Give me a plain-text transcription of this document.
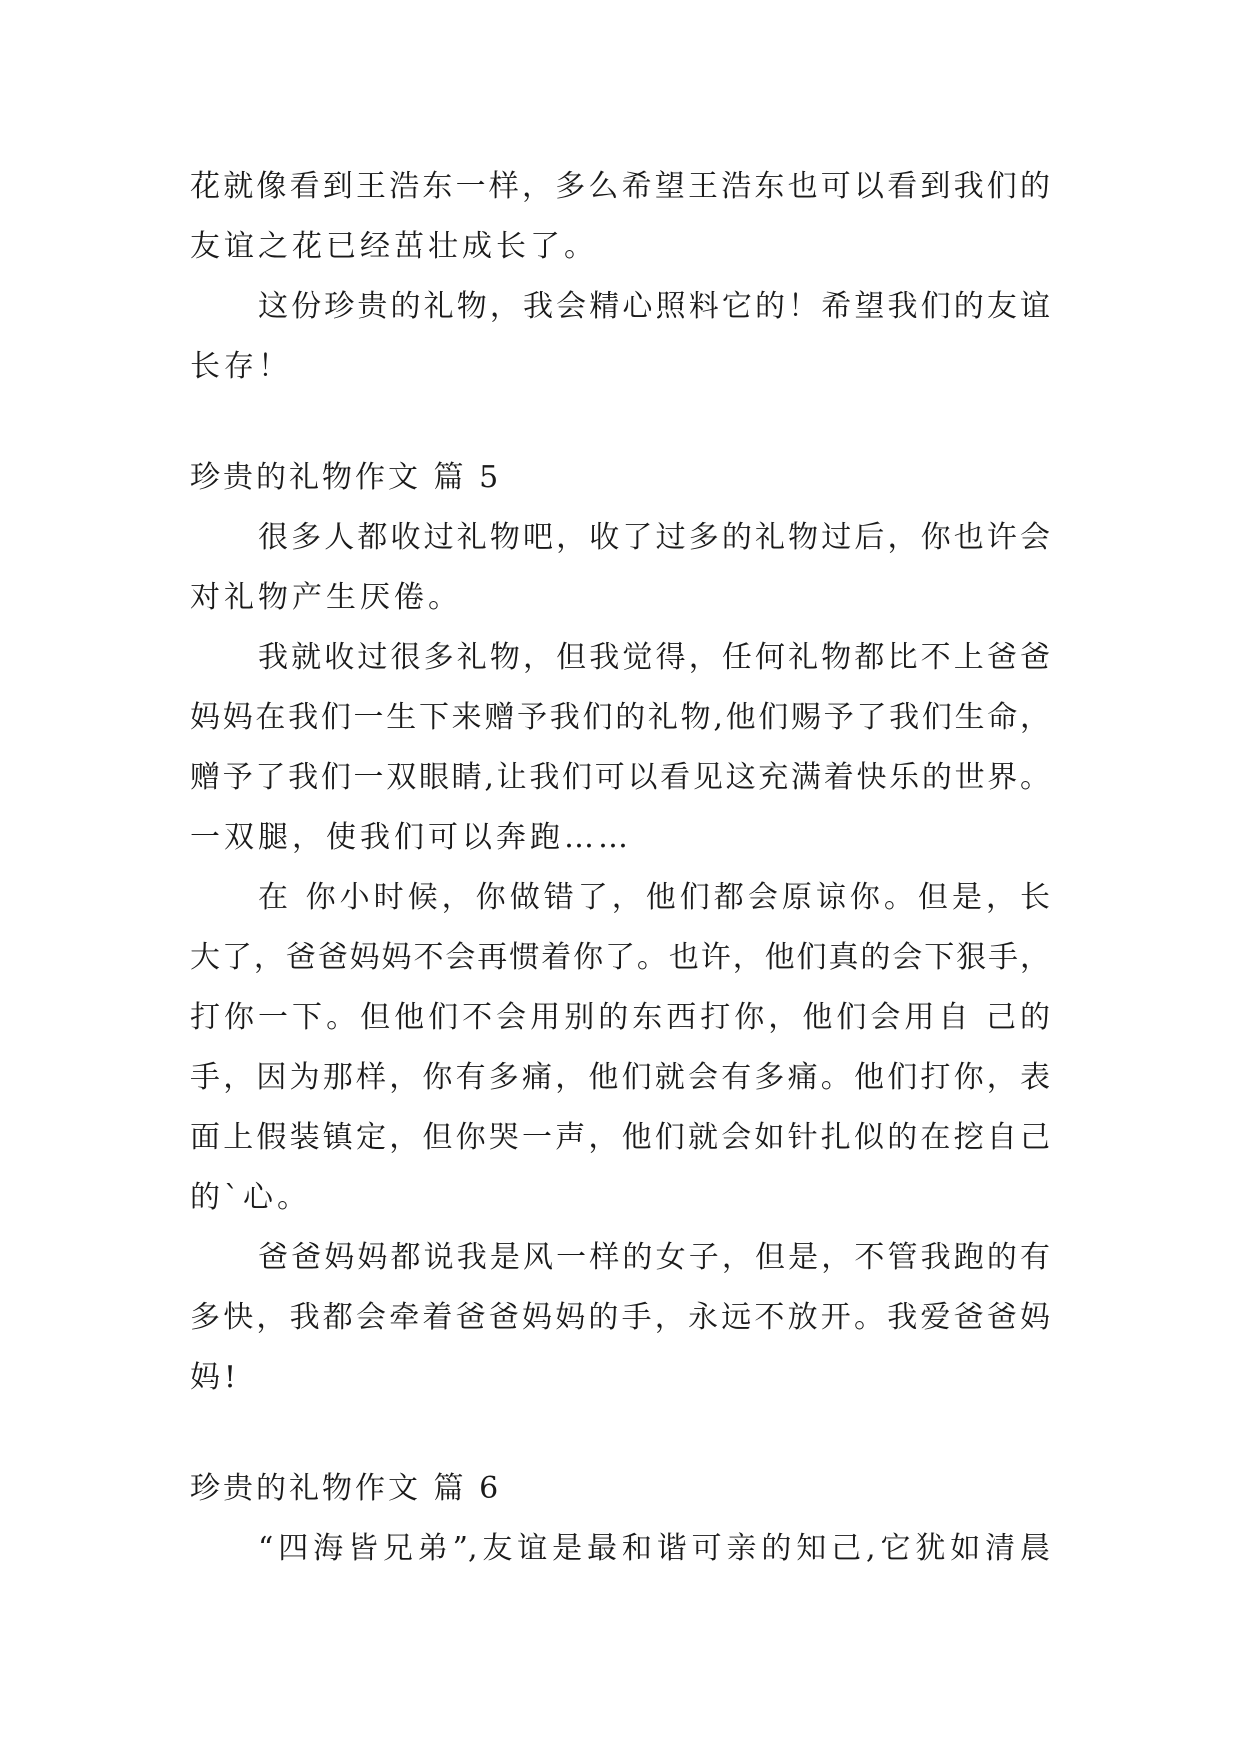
花就像看到王浩东一样，多么希望王浩东也可以看到我们的
友谊之花已经茁壮成长了。
这份珍贵的礼物，我会精心照料它的！希望我们的友谊
长存！
珍贵的礼物作文 篇 5
很多人都收过礼物吧，收了过多的礼物过后，你也许会
对礼物产生厌倦。
我就收过很多礼物，但我觉得，任何礼物都比不上爸爸
妈妈在我们一生下来赠予我们的礼物,他们赐予了我们生命，
赠予了我们一双眼睛,让我们可以看见这充满着快乐的世界。
一双腿，使我们可以奔跑……
在 你小时候，你做错了，他们都会原谅你。但是，长
大了，爸爸妈妈不会再惯着你了。也许，他们真的会下狠手，
打你一下。但他们不会用别的东西打你，他们会用自 己的
手，因为那样，你有多痛，他们就会有多痛。他们打你，表
面上假装镇定，但你哭一声，他们就会如针扎似的在挖自己
的`心。
爸爸妈妈都说我是风一样的女子，但是，不管我跑的有
多快，我都会牵着爸爸妈妈的手，永远不放开。我爱爸爸妈
妈!
珍贵的礼物作文 篇 6
“四海皆兄弟”,友谊是最和谐可亲的知己,它犹如清晨
